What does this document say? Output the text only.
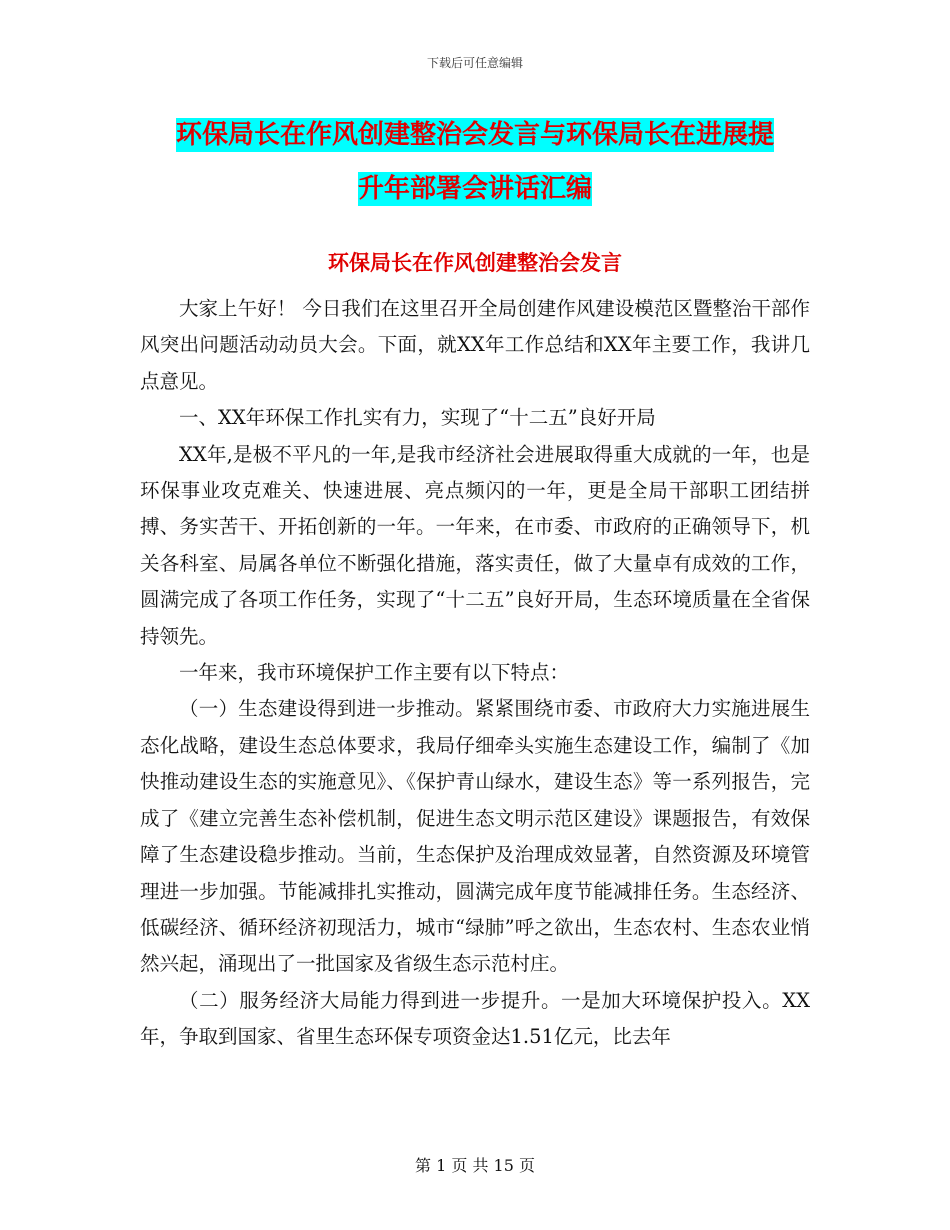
下载后可任意编辑
环保局长在作风创建整治会发言与环保局长在进展提
升年部署会讲话汇编
环保局长在作风创建整治会发言

大家上午好！ 今日我们在这里召开全局创建作风建设模范区暨整治干部作风突出问题活动动员大会。下面，就XX年工作总结和XX年主要工作，我讲几点意见。

一、XX年环保工作扎实有力，实现了“十二五”良好开局

XX年,是极不平凡的一年,是我市经济社会进展取得重大成就的一年，也是环保事业攻克难关、快速进展、亮点频闪的一年，更是全局干部职工团结拼搏、务实苦干、开拓创新的一年。一年来，在市委、市政府的正确领导下，机关各科室、局属各单位不断强化措施，落实责任，做了大量卓有成效的工作，圆满完成了各项工作任务，实现了“十二五”良好开局，生态环境质量在全省保持领先。

一年来，我市环境保护工作主要有以下特点：

（一）生态建设得到进一步推动。紧紧围绕市委、市政府大力实施进展生态化战略，建设生态总体要求，我局仔细牵头实施生态建设工作，编制了《加快推动建设生态的实施意见》、《保护青山绿水，建设生态》等一系列报告，完成了《建立完善生态补偿机制，促进生态文明示范区建设》课题报告，有效保障了生态建设稳步推动。当前，生态保护及治理成效显著，自然资源及环境管理进一步加强。节能减排扎实推动，圆满完成年度节能减排任务。生态经济、低碳经济、循环经济初现活力，城市“绿肺”呼之欲出，生态农村、生态农业悄然兴起，涌现出了一批国家及省级生态示范村庄。

（二）服务经济大局能力得到进一步提升。一是加大环境保护投入。XX年，争取到国家、省里生态环保专项资金达1.51亿元，比去年

第 1 页 共 15 页
